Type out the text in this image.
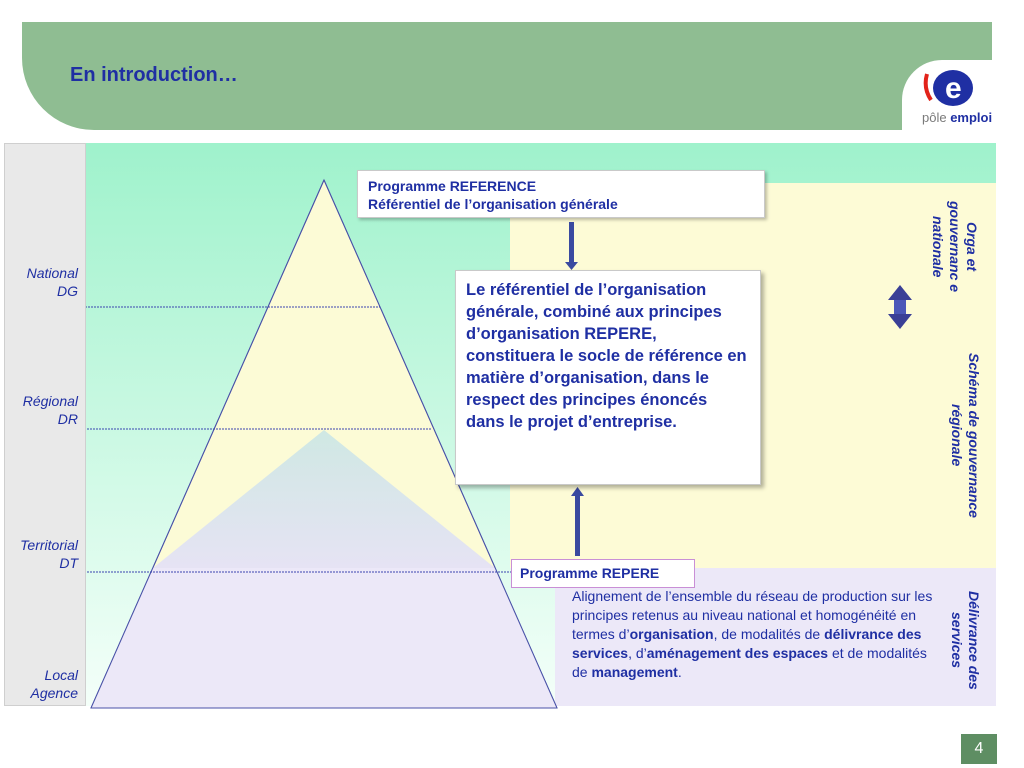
En introduction…	e
pôle emploi
National
DG
Régional
DR
Territorial
DT
Local
Agence
Programme REFERENCE
Référentiel de l’organisation générale
Le référentiel de l’organisation générale, combiné aux principes d’organisation REPERE, constituera le socle de référence en matière d’organisation, dans le respect des principes énoncés dans le projet d’entreprise.
Programme REPERE
Alignement de l’ensemble du réseau de production sur les principes retenus au niveau national et homogénéité en termes d’organisation, de modalités de délivrance des services, d’aménagement des espaces et de modalités de management.
Orga et gouvernanc e nationale
Schéma de gouvernance régionale
Délivrance des services
4
